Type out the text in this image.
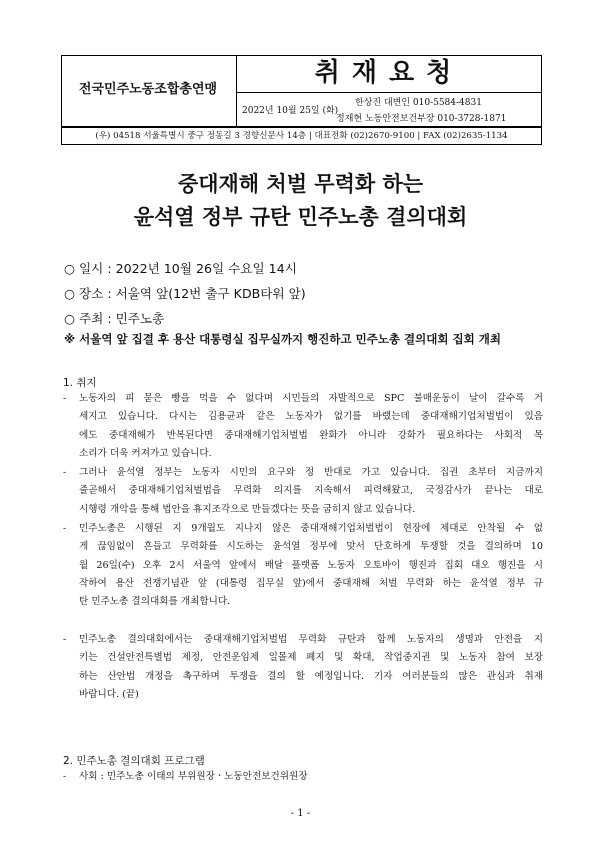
전국민주노동조합총연맹
취재요청
2022년 10월 25일 (화)
한상진 대변인 010-5584-4831
정재현 노동안전보건부장 010-3728-1871
(우) 04518 서울특별시 중구 정동길 3 경향신문사 14층 | 대표전화 (02)2670-9100 | FAX (02)2635-1134
중대재해 처벌 무력화 하는
윤석열 정부 규탄 민주노총 결의대회
○ 일시 : 2022년 10월 26일 수요일 14시
○ 장소 : 서울역 앞(12번 출구 KDB타워 앞)
○ 주최 : 민주노총
※ 서울역 앞 집결 후 용산 대통령실 집무실까지 행진하고 민주노총 결의대회 집회 개최
1. 취지
-	노동자의 피 묻은 빵을 먹을 수 없다며 시민들의 자발적으로 SPC 불매운동이 날이 갈수록 거
세지고 있습니다. 다시는 김용균과 같은 노동자가 없기를 바랬는데 중대재해기업처벌법이 있음
에도 중대재해가 반복된다면 중대재해기업처벌법 완화가 아니라 강화가 필요하다는 사회적 목
소리가 더욱 커져가고 있습니다.
-	그러나 윤석열 정부는 노동자 시민의 요구와 정 반대로 가고 있습니다. 집권 초부터 지금까지
줄곧해서 중대재해기업처벌법을 무력화 의지를 지속해서 피력해왔고, 국정감사가 끝나는 대로
시행령 개악을 통해 법안을 휴지조각으로 만들겠다는 뜻을 굽히지 않고 있습니다.
-	민주노총은 시행된 지 9개월도 지나지 않은 중대재해기업처벌법이 현장에 제대로 안착될 수 없
게 끊임없이 흔들고 무력화를 시도하는 윤석열 정부에 맞서 단호하게 투쟁할 것을 결의하며 10
월 26일(수) 오후 2시 서울역 앞에서 배달 플랫폼 노동자 오토바이 행진과 집회 대오 행진을 시
작하여 용산 전쟁기념관 앞 (대통령 집무실 앞)에서 중대재해 처벌 무력화 하는 윤석열 정부 규
탄 민주노총 결의대회를 개최합니다.
-	민주노총 결의대회에서는 중대재해기업처벌법 무력화 규탄과 함께 노동자의 생명과 안전을 지
키는 건설안전특별법 제정, 안전운임제 일몰제 폐지 및 확대, 작업중지권 및 노동자 참여 보장
하는 산안법 개정을 촉구하며 투쟁을 결의 할 예정입니다. 기자 여러분들의 많은 관심과 취재
바랍니다. (끝)
2. 민주노총 결의대회 프로그램
-	사회 : 민주노총 이태의 부위원장ㆍ노동안전보건위원장
- 1 -
